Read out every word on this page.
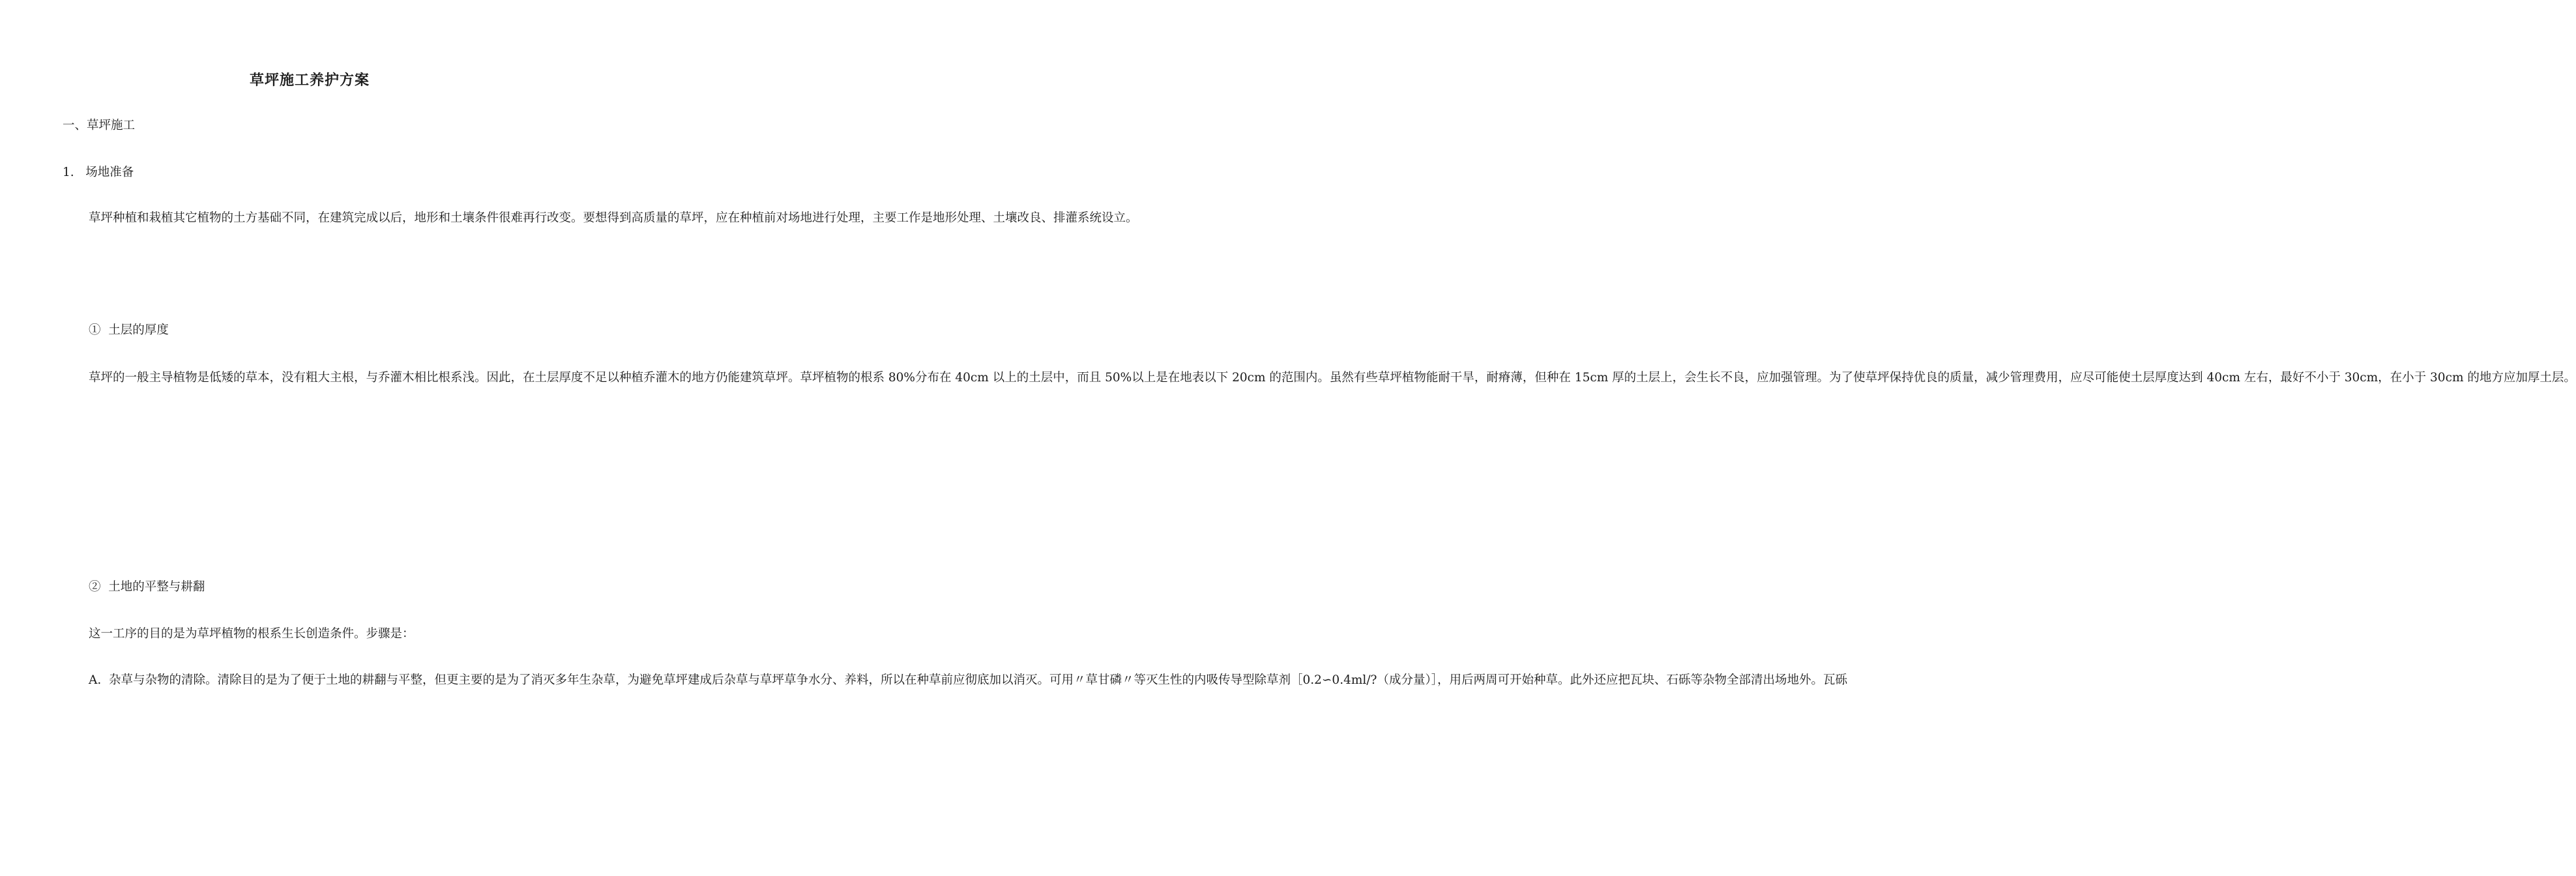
草坪施工养护方案
一、草坪施工
1.   场地准备
草坪种植和栽植其它植物的土方基础不同，在建筑完成以后，地形和土壤条件很难再行改变。要想得到高质量的草坪，应在种植前对场地进行处理，主要工作是地形处理、土壤改良、排灌系统设立。
①  土层的厚度
草坪的一般主导植物是低矮的草本，没有粗大主根，与乔灌木相比根系浅。因此，在土层厚度不足以种植乔灌木的地方仍能建筑草坪。草坪植物的根系 80%分布在 40cm 以上的土层中，而且 50%以上是在地表以下 20cm 的范围内。虽然有些草坪植物能耐干旱，耐瘠薄，但种在 15cm 厚的土层上，会生长不良，应加强管理。为了使草坪保持优良的质量，减少管理费用，应尽可能使土层厚度达到 40cm 左右，最好不小于 30cm，在小于 30cm 的地方应加厚土层。
②  土地的平整与耕翻
这一工序的目的是为草坪植物的根系生长创造条件。步骤是：
A.  杂草与杂物的清除。清除目的是为了便于土地的耕翻与平整，但更主要的是为了消灭多年生杂草，为避免草坪建成后杂草与草坪草争水分、养料，所以在种草前应彻底加以消灭。可用〃草甘磷〃等灭生性的内吸传导型除草剂［0.2∽0.4ml/?（成分量）］，用后两周可开始种草。此外还应把瓦块、石砾等杂物全部清出场地外。瓦砾
